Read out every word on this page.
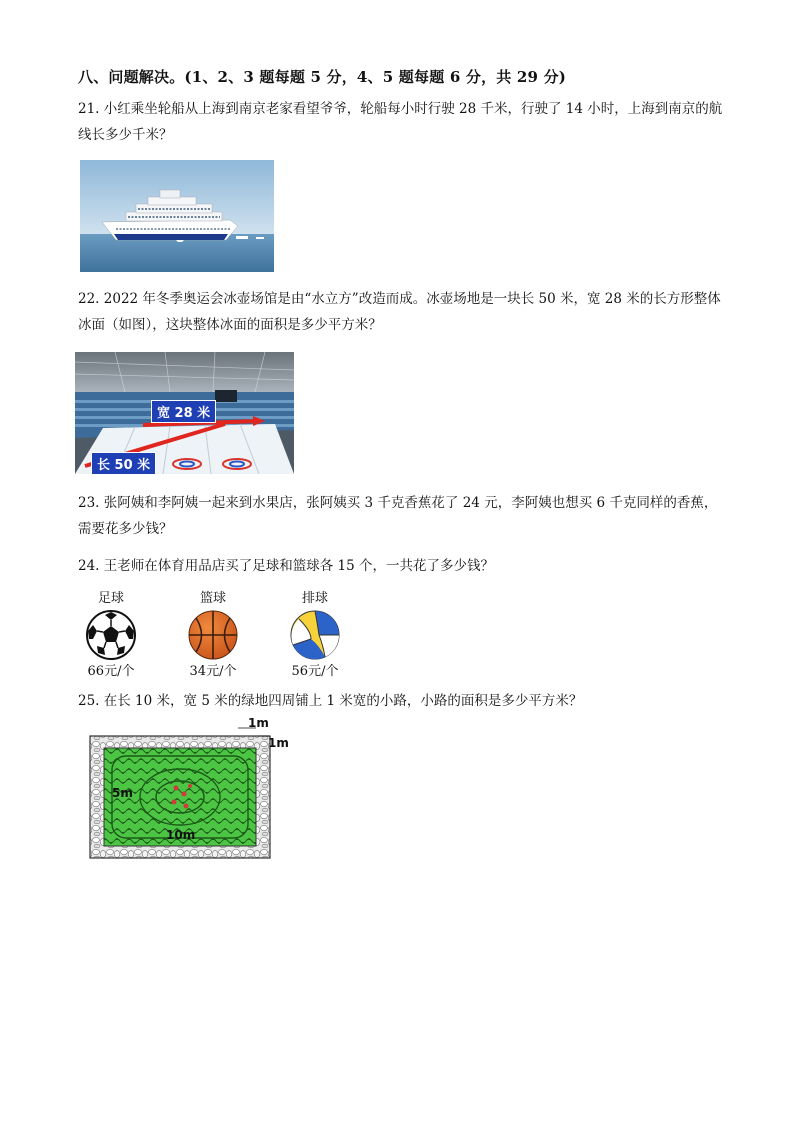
八、问题解决。(1、2、3 题每题 5 分，4、5 题每题 6 分，共 29 分)
21. 小红乘坐轮船从上海到南京老家看望爷爷，轮船每小时行驶 28 千米，行驶了 14 小时，上海到南京的航线长多少千米？
22. 2022 年冬季奥运会冰壶场馆是由“水立方”改造而成。冰壶场地是一块长 50 米，宽 28 米的长方形整体冰面（如图），这块整体冰面的面积是多少平方米？
宽 28 米
长 50 米
23. 张阿姨和李阿姨一起来到水果店，张阿姨买 3 千克香蕉花了 24 元，李阿姨也想买 6 千克同样的香蕉，需要花多少钱？
24. 王老师在体育用品店买了足球和篮球各 15 个，一共花了多少钱？
足球
66元/个
篮球
34元/个
排球
56元/个
25. 在长 10 米，宽 5 米的绿地四周铺上 1 米宽的小路，小路的面积是多少平方米？
1m
1m
5m
10m
